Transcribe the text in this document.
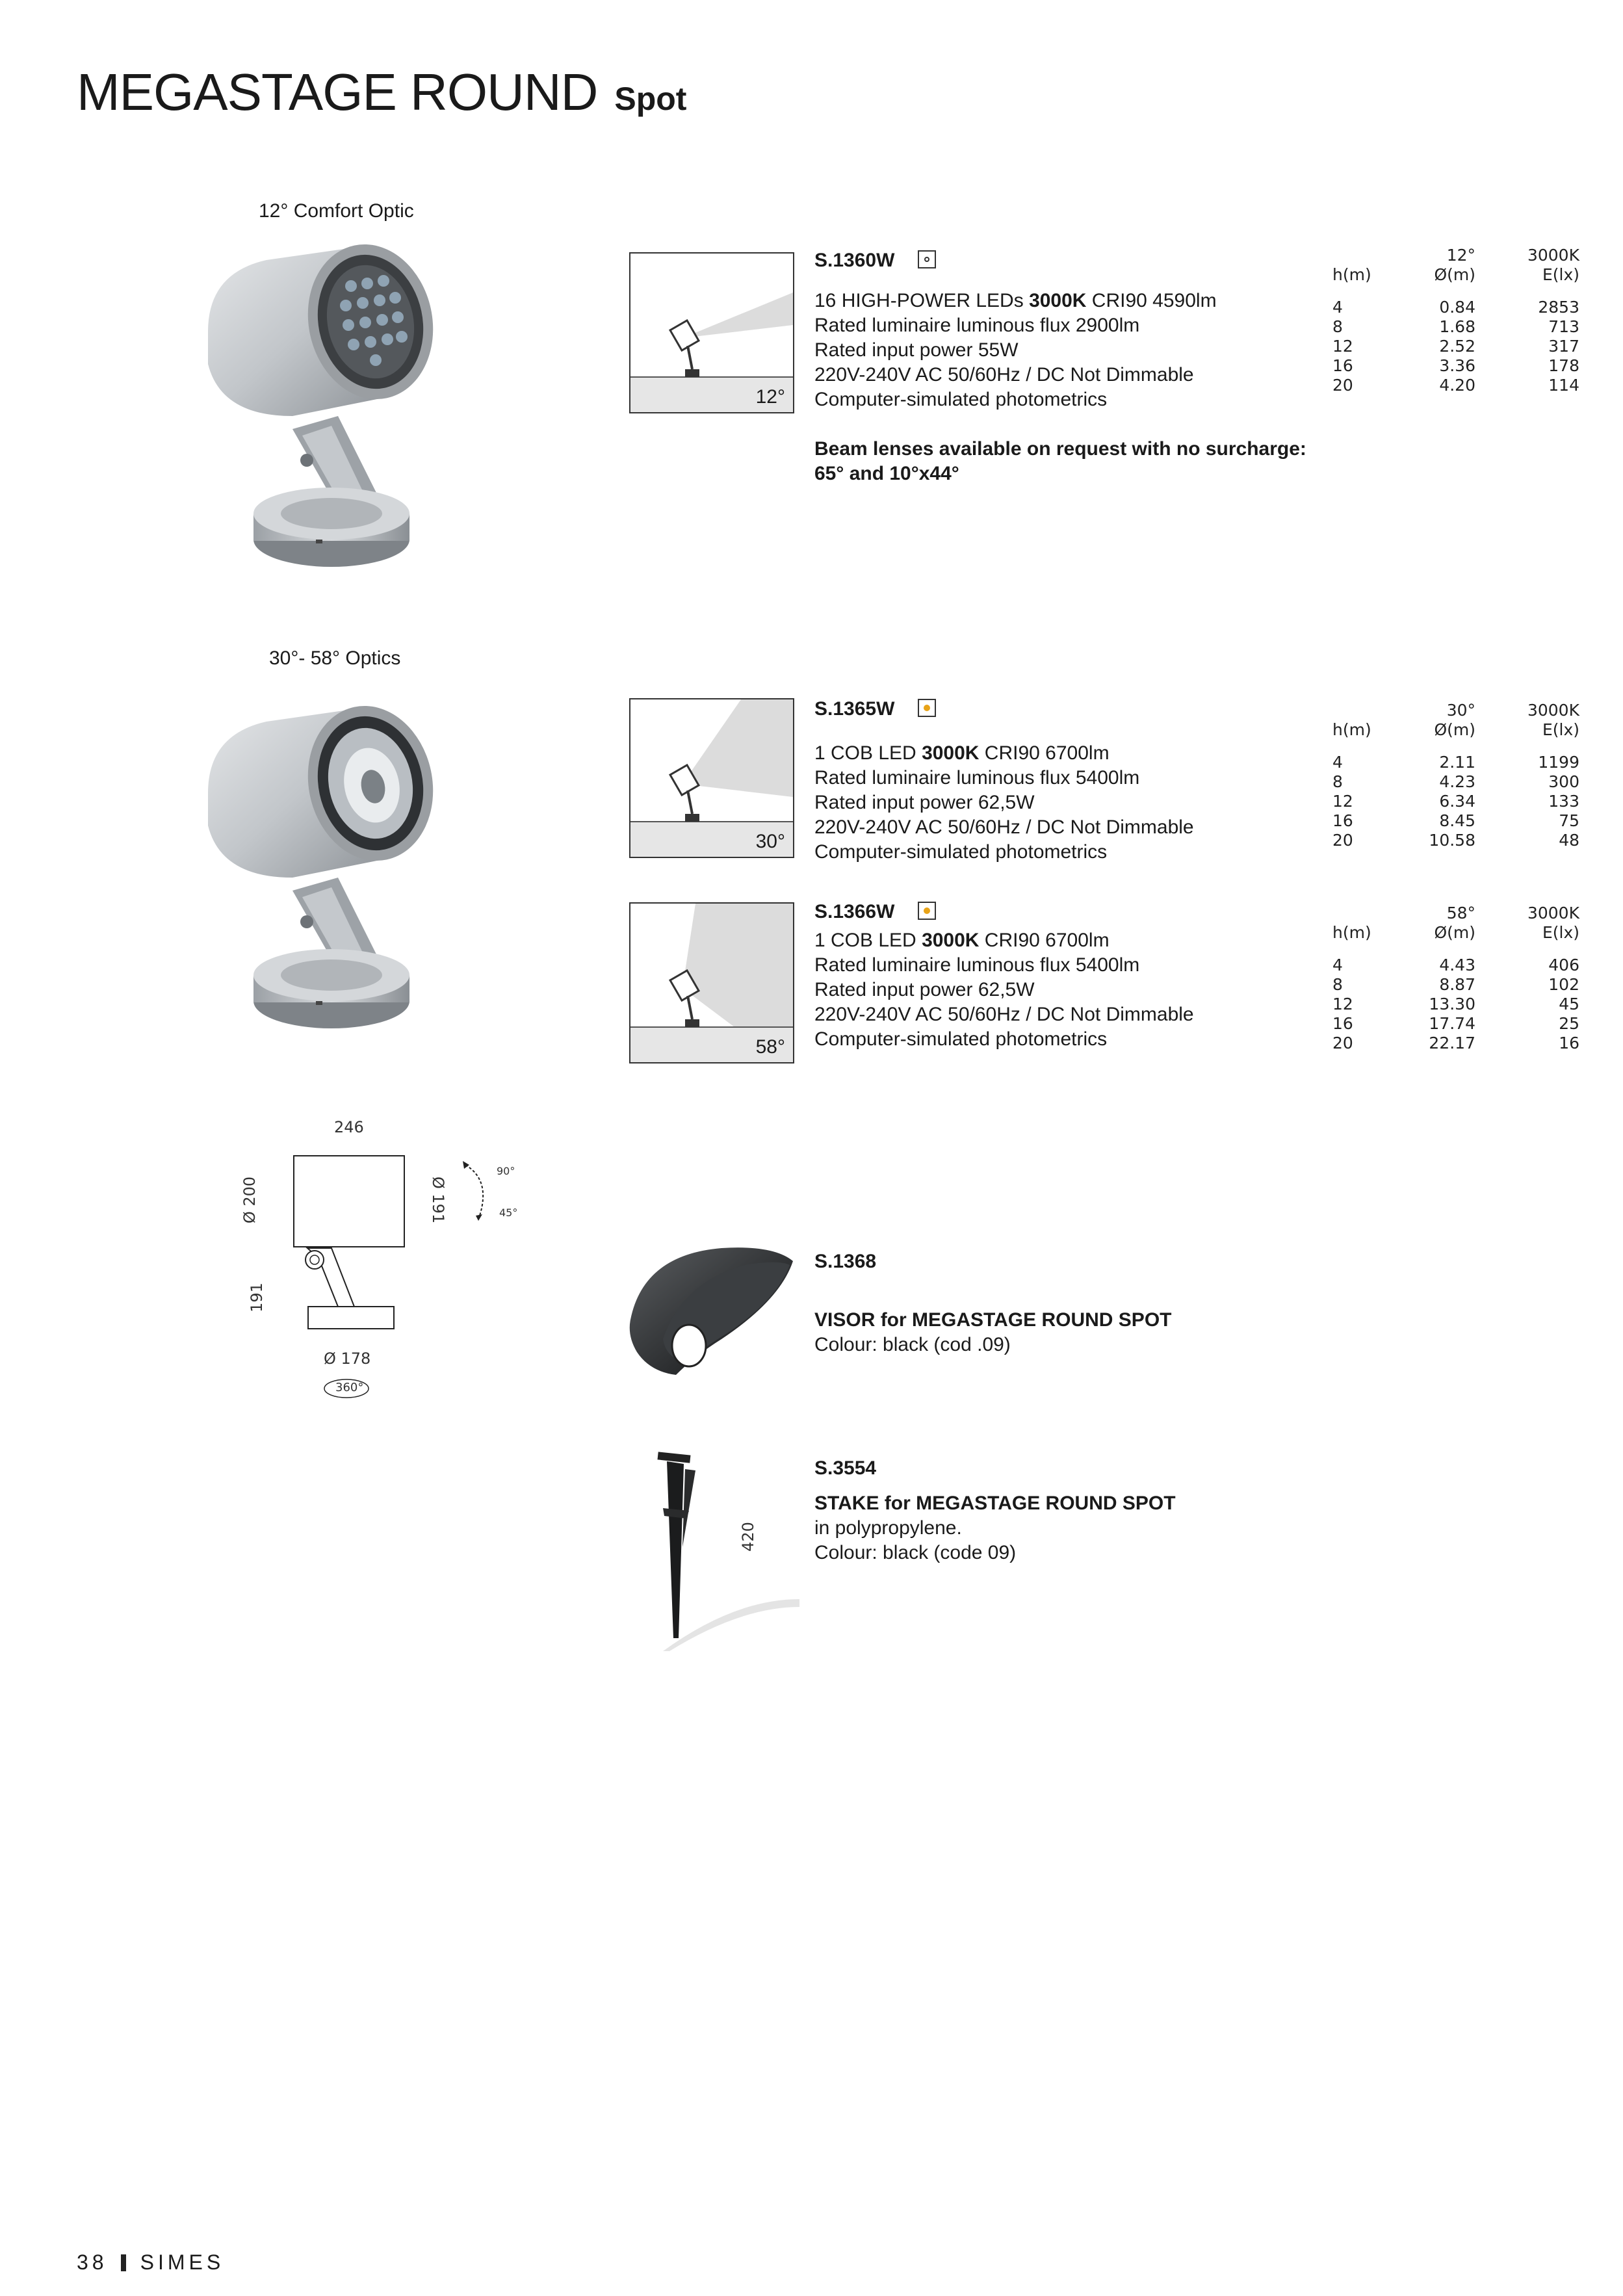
MEGASTAGE ROUND Spot
12° Comfort Optic
12°
S.1360W
16 HIGH-POWER LEDs 3000K CRI90 4590lm
Rated luminaire luminous flux 2900lm
Rated input power 55W
220V-240V AC 50/60Hz / DC Not Dimmable
Computer-simulated photometrics
Beam lenses available on request with no surcharge:
65° and 10°x44°
	12°	3000K
h(m)	Ø(m)	E(lx)

4	0.84	2853
8	1.68	713
12	2.52	317
16	3.36	178
20	4.20	114
30°- 58° Optics
30°
S.1365W
1 COB LED 3000K CRI90 6700lm
Rated luminaire luminous flux 5400lm
Rated input power 62,5W
220V-240V AC 50/60Hz / DC Not Dimmable
Computer-simulated photometrics
	30°	3000K
h(m)	Ø(m)	E(lx)

4	2.11	1199
8	4.23	300
12	6.34	133
16	8.45	75
20	10.58	48
58°
S.1366W
1 COB LED 3000K CRI90 6700lm
Rated luminaire luminous flux 5400lm
Rated input power 62,5W
220V-240V AC 50/60Hz / DC Not Dimmable
Computer-simulated photometrics
	58°	3000K
h(m)	Ø(m)	E(lx)

4	4.43	406
8	8.87	102
12	13.30	45
16	17.74	25
20	22.17	16
246
Ø 200	Ø 191
191
Ø 178
360°
90°
45°
S.1368
VISOR for MEGASTAGE ROUND SPOT
Colour: black (cod .09)
420
S.3554
STAKE for MEGASTAGE ROUND SPOT
in polypropylene.
Colour: black (code 09)
38 SIMES
